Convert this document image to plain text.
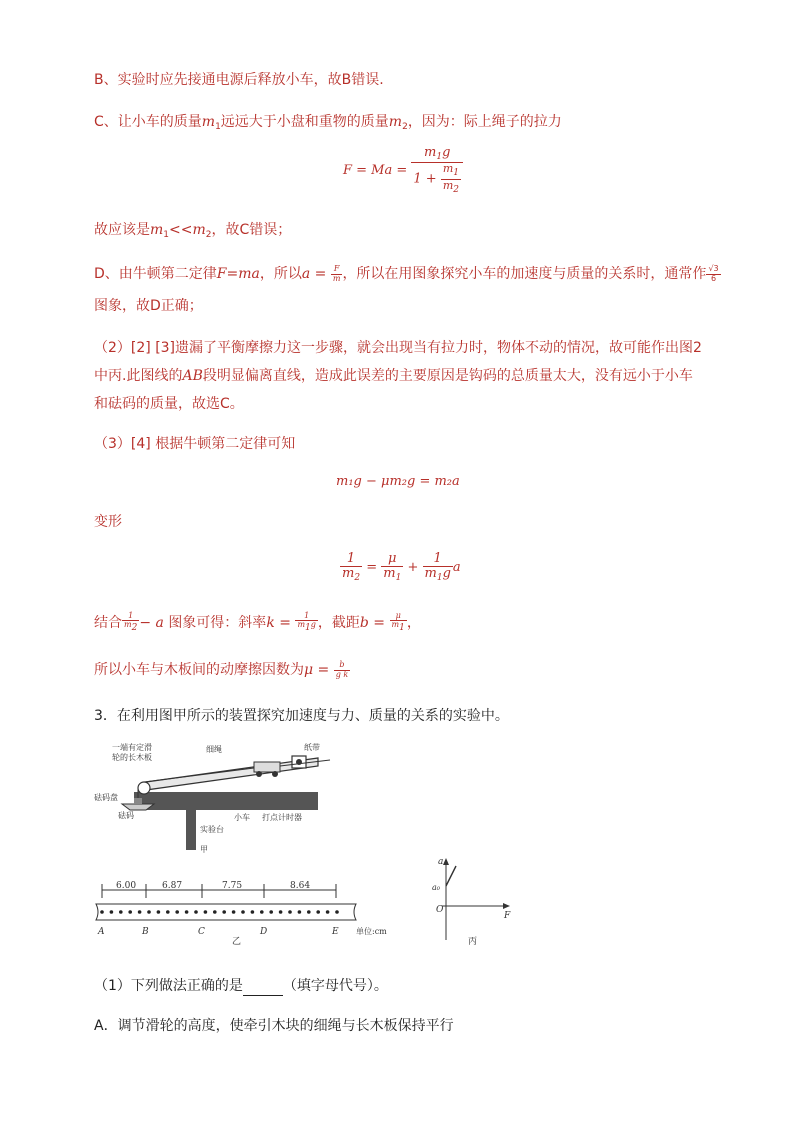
B、实验时应先接通电源后释放小车，故B错误.
C、让小车的质量$m_1$远远大于小盘和重物的质量$m_2$，因为：际上绳子的拉力
$F = Ma = \frac{m_1g}{1 + \frac{m_1}{m_2}}$
故应该是$m_1<<m_2$，故C错误；
D、由牛顿第二定律F=ma，所以$a = \frac{F}{m}$ ，所以在用图象探究小车的加速度与质量的关系时，通常作 $\frac{√3}{6}$
图象，故D正确；
（2）[2] [3]遗漏了平衡摩擦力这一步骤，就会出现当有拉力时，物体不动的情况，故可能作出图2
中丙.此图线的AB段明显偏离直线，造成此误差的主要原因是钩码的总质量太大，没有远小于小车
和砝码的质量，故选C。
（3）[4] 根据牛顿第二定律可知
m₁g − μm₂g = m₂a
变形
$\frac{1}{m_2} = \frac{\mu}{m_1} + \frac{1}{m_1g}$ a
结合 $\frac{1}{m2} - a$ 图象可得：斜率$k = \frac{1}{m1g}$ ，截距$b = \frac{\mu}{m1}$ ，
所以小车与木板间的动摩擦因数为$\mu = \frac{b}{\text{g k}}$
3．在利用图甲所示的装置探究加速度与力、质量的关系的实验中。
一端有定滑
轮的长木板
细绳	纸带
砝码盘
砝码	小车 打点计时器
实验台
甲
6.00	6.87	7.75	8.64
A	B	C	D	E 单位:cm
乙
a
F
O
a₀
丙
（1）下列做法正确的是	（填字母代号）。
A．调节滑轮的高度，使牵引木块的细绳与长木板保持平行
